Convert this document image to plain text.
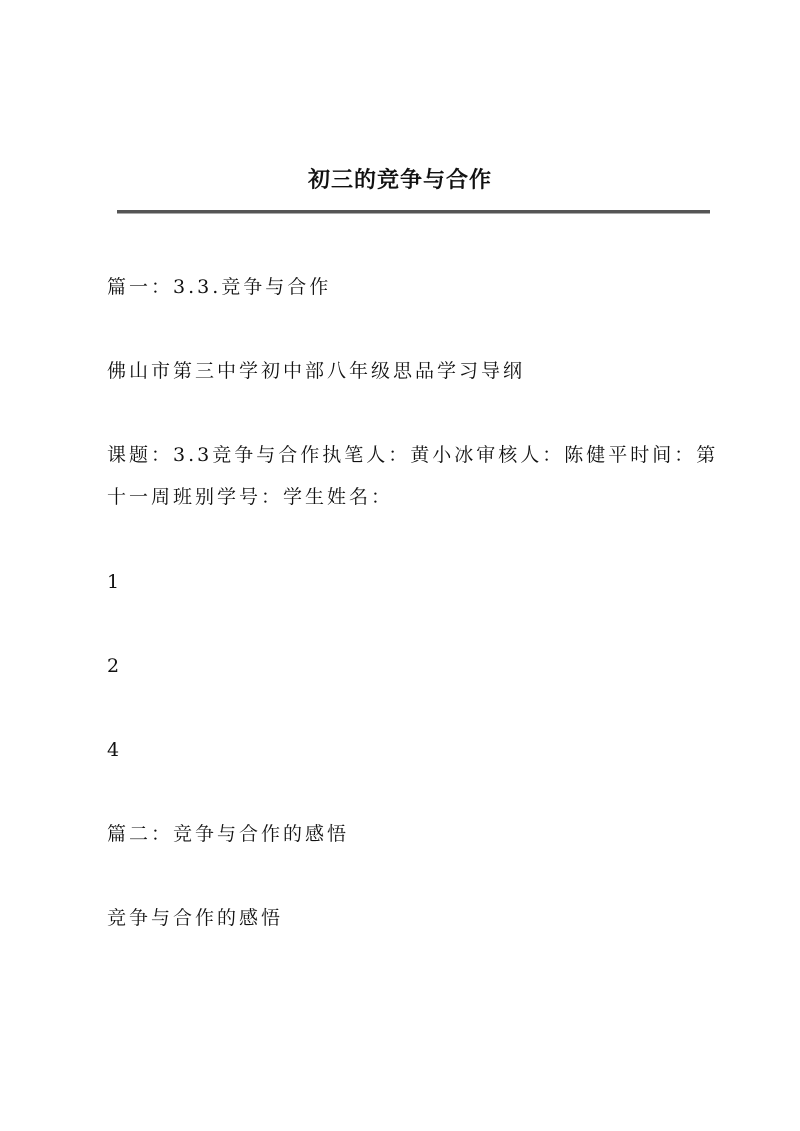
初三的竞争与合作

篇一：3.3.竞争与合作

佛山市第三中学初中部八年级思品学习导纲

课题：3.3竞争与合作执笔人：黄小冰审核人：陈健平时间：第

十一周班别学号：学生姓名：

1

2

4

篇二：竞争与合作的感悟

竞争与合作的感悟
